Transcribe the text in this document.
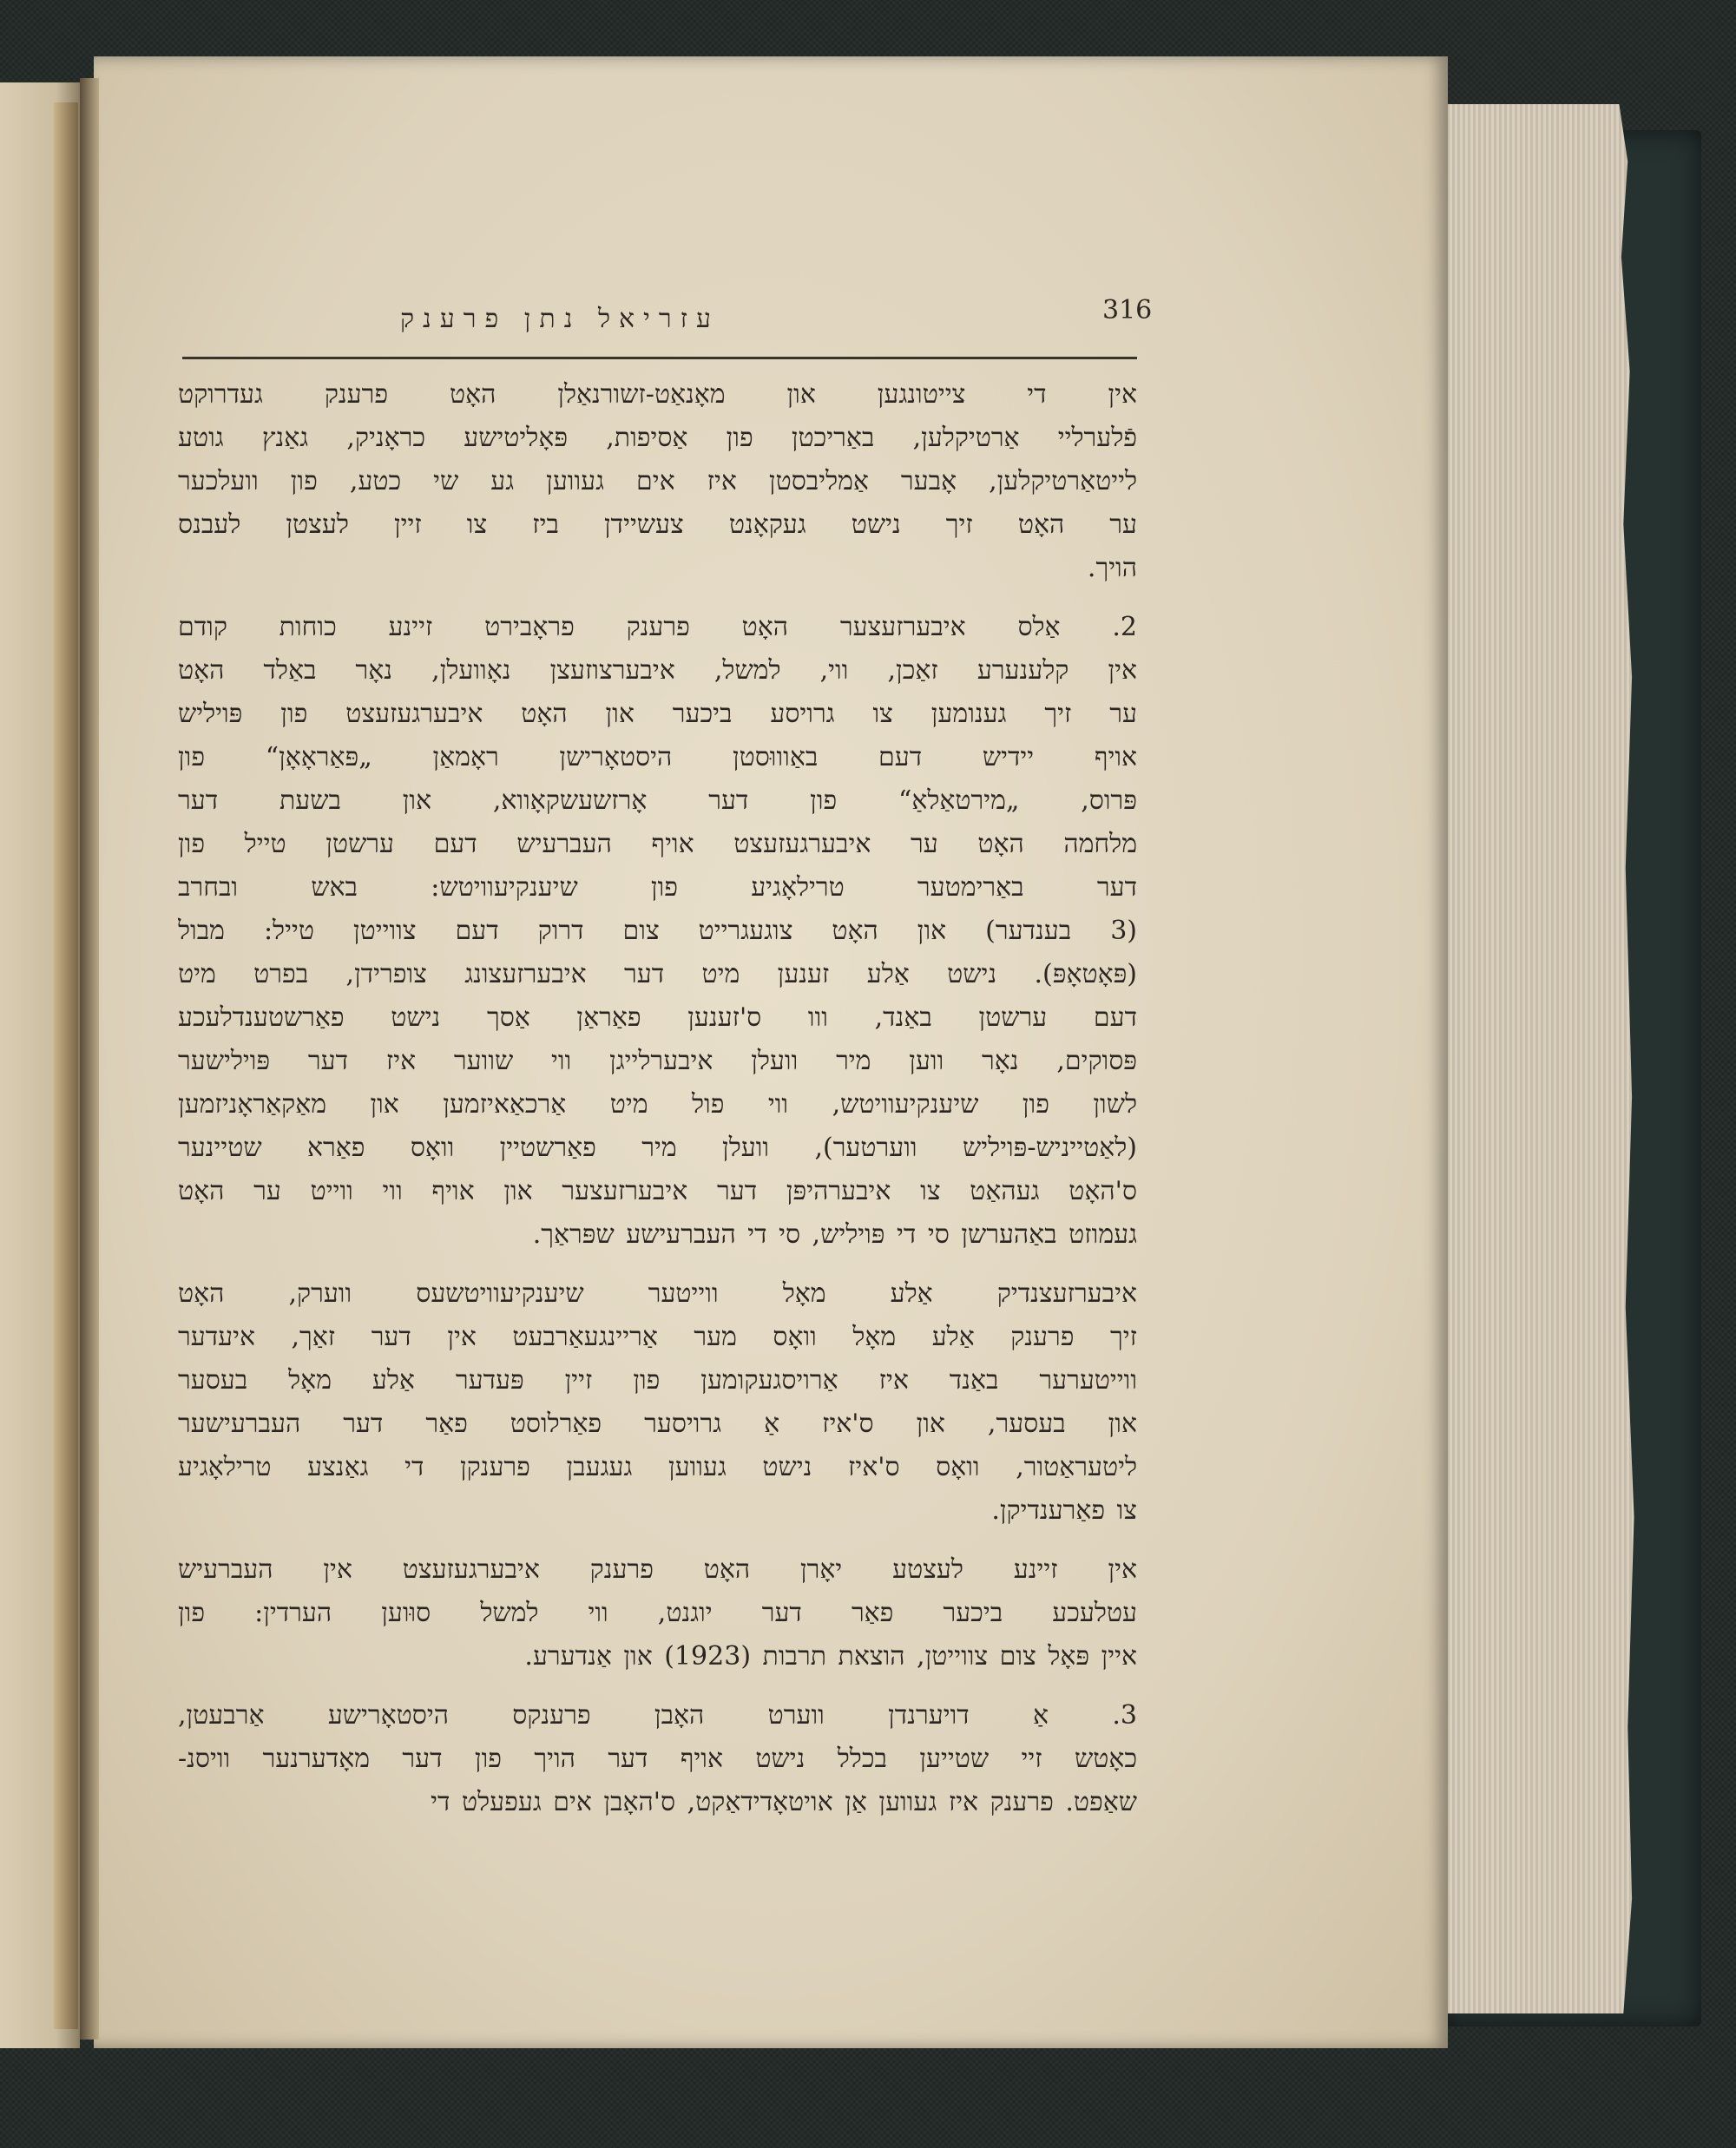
316
עזריאל נתן פרענק
אין די צייטונגען און מאָנאַט-זשורנאַלן האָט פרענק געדרוקט
פֿלערליי אַרטיקלען, באַריכטן פון אַסיפות, פּאָליטישע כראָניק, גאַנץ גוטע
לייטאַרטיקלען, אָבער אַמליבסטן איז אים געווען גע שי כטע, פון וועלכער
ער האָט זיך נישט געקאָנט צעשיידן ביז צו זיין לעצטן לעבנס
הויך.
2. אַלס איבערזעצער האָט פרענק פראָבירט זיינע כוחות קודם
אין קלענערע זאַכן, ווי, למשל, איבערצוזעצן נאָוועלן, נאָר באַלד האָט
ער זיך גענומען צו גרויסע ביכער און האָט איבערגעזעצט פון פּויליש
אויף יידיש דעם באַוווּסטן היסטאָרישן ראָמאַן „פּאַראָאָן“ פון
פּרוס, „מירטאַלאַ“ פון דער אָרזשעשקאָווא, און בשעת דער
מלחמה האָט ער איבערגעזעצט אויף העברעיש דעם ערשטן טייל פון
דער באַרימטער טרילאָגיע פון שיענקיעוויטש: באש ובחרב
(3 בענדער) און האָט צוגעגרייט צום דרוק דעם צווייטן טייל: מבול
(פּאָטאָפּ). נישט אַלע זענען מיט דער איבערזעצונג צופרידן, בפרט מיט
דעם ערשטן באַנד, ווו ס'זענען פאַראַן אַסך נישט פאַרשטענדלעכע
פּסוקים, נאָר ווען מיר וועלן איבערלייגן ווי שווער איז דער פּוילישער
לשון פון שיענקיעוויטש, ווי פול מיט אַרכאַאיזמען און מאַקאַראָניזמען
(לאַטייניש-פּויליש ווערטער), וועלן מיר פאַרשטיין וואָס פאַרא שטיינער
ס'האָט געהאַט צו איבערהיפּן דער איבערזעצער און אויף ווי ווייט ער האָט
געמוזט באַהערשן סי די פּויליש, סי די העברעישע שפּראַך.
איבערזעצנדיק אַלע מאָל ווייטער שיענקיעוויטשעס ווערק, האָט
זיך פרענק אַלע מאָל וואָס מער אַריינגעאַרבעט אין דער זאַך, איעדער
ווייטערער באַנד איז אַרויסגעקומען פון זיין פּעדער אַלע מאָל בעסער
און בעסער, און ס'איז אַ גרויסער פאַרלוסט פאַר דער העברעישער
ליטעראַטור, וואָס ס'איז נישט געווען געגעבן פרענקן די גאַנצע טרילאָגיע
צו פאַרענדיקן.
אין זיינע לעצטע יאָרן האָט פרענק איבערגעזעצט אין העברעיש
עטלעכע ביכער פאַר דער יוגנט, ווי למשל סוּוען הערדין: פון
איין פּאָל צום צווייטן, הוצאת תרבות (1923) און אַנדערע.
3. אַ דויערנדן ווערט האָבן פרענקס היסטאָרישע אַרבעטן,
כאָטש זיי שטייען בכלל נישט אויף דער הויך פון דער מאָדערנער וויסנ-
שאַפט. פרענק איז געווען אַן אויטאָדידאַקט, ס'האָבן אים געפעלט די
